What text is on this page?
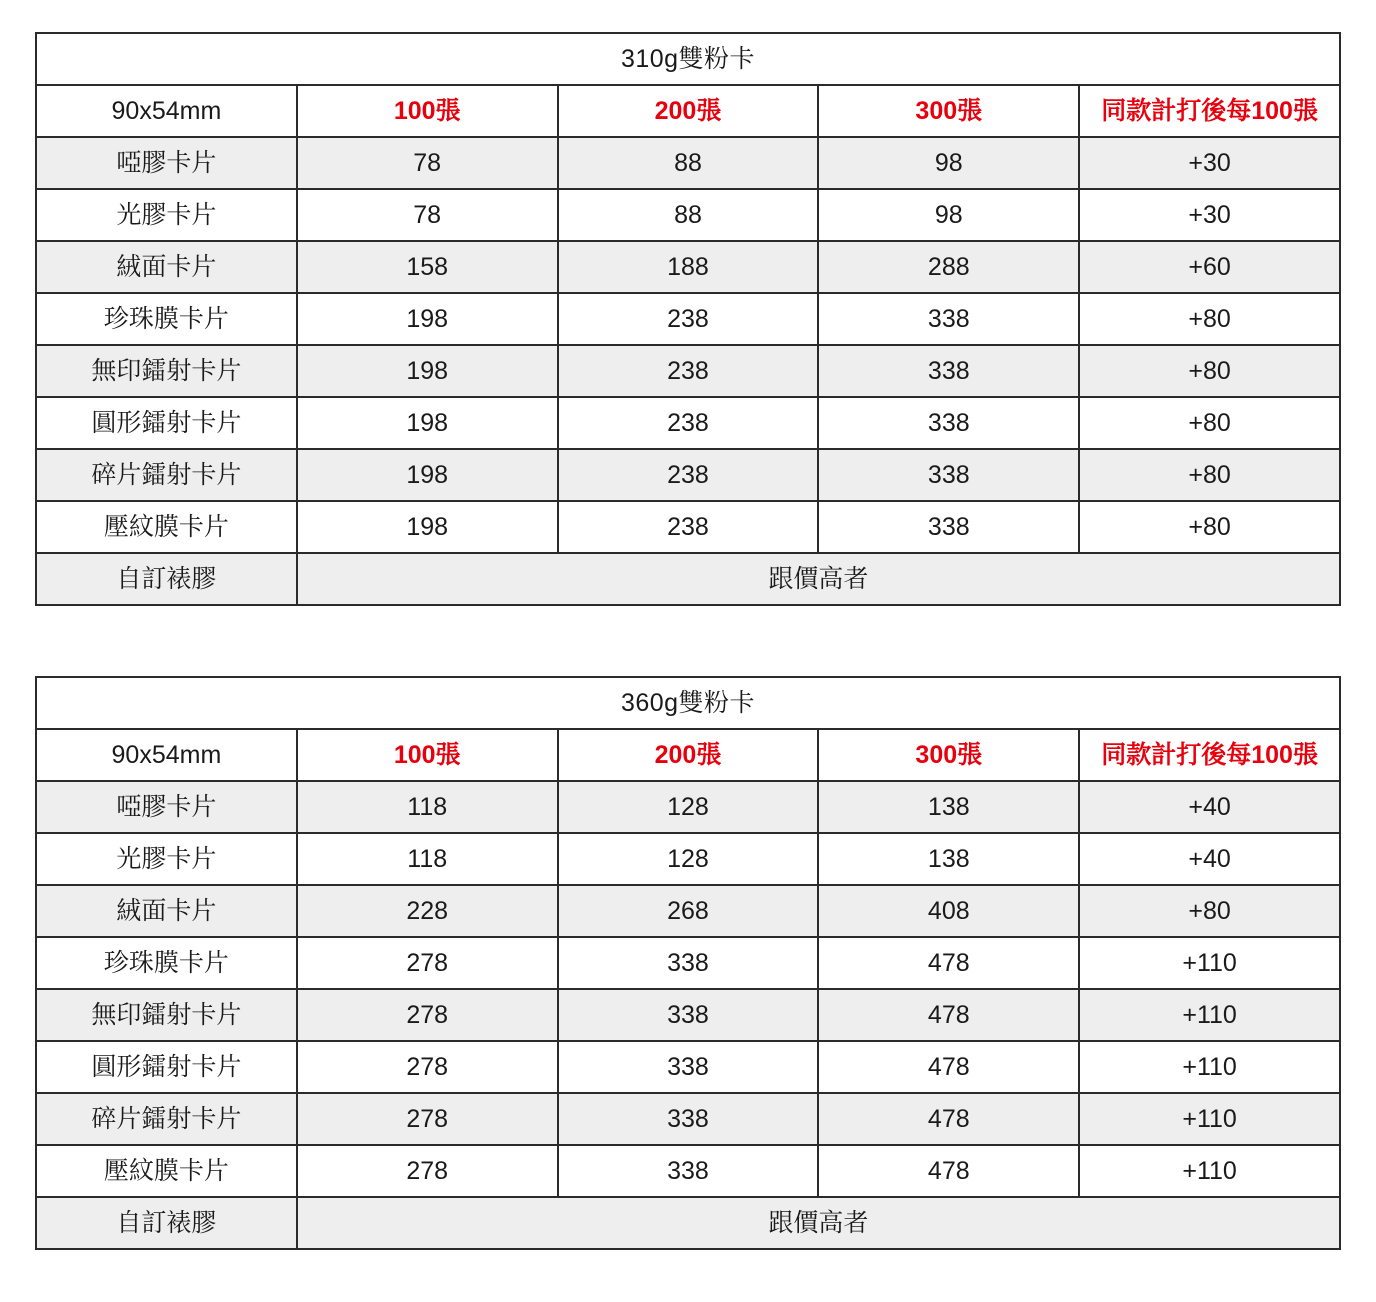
310g雙粉卡				
90x54mm	100張	200張	300張	同款計打後每100張
啞膠卡片	78	88	98	+30
光膠卡片	78	88	98	+30
絨面卡片	158	188	288	+60
珍珠膜卡片	198	238	338	+80
無印鐳射卡片	198	238	338	+80
圓形鐳射卡片	198	238	338	+80
碎片鐳射卡片	198	238	338	+80
壓紋膜卡片	198	238	338	+80
自訂裱膠	跟價高者			
360g雙粉卡				
90x54mm	100張	200張	300張	同款計打後每100張
啞膠卡片	118	128	138	+40
光膠卡片	118	128	138	+40
絨面卡片	228	268	408	+80
珍珠膜卡片	278	338	478	+110
無印鐳射卡片	278	338	478	+110
圓形鐳射卡片	278	338	478	+110
碎片鐳射卡片	278	338	478	+110
壓紋膜卡片	278	338	478	+110
自訂裱膠	跟價高者			
